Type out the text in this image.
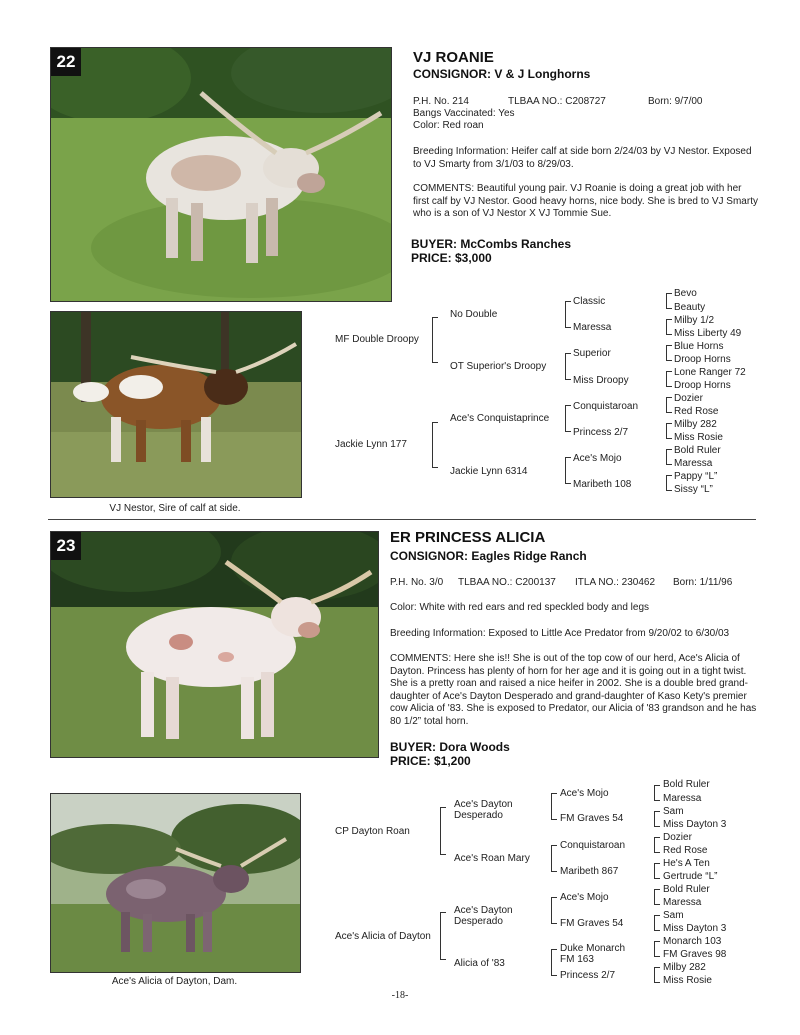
22
VJ Nestor, Sire of calf at side.
VJ ROANIE
CONSIGNOR: V & J Longhorns
P.H. No. 214	TLBAA NO.: C208727	Born: 9/7/00
Bangs Vaccinated: Yes
Color: Red roan
Breeding Information: Heifer calf at side born 2/24/03 by VJ Nestor. Exposed to VJ Smarty from 3/1/03 to 8/29/03.
COMMENTS: Beautiful young pair. VJ Roanie is doing a great job with her first calf by VJ Nestor. Good heavy horns, nice body. She is bred to VJ Smarty who is a son of VJ Nestor X VJ Tommie Sue.
BUYER: McCombs Ranches
PRICE: $3,000
MF Double Droopy
Jackie Lynn 177
No Double
OT Superior's Droopy
Ace's Conquistaprince
Jackie Lynn 6314
Classic
Maressa
Superior
Miss Droopy
Conquistaroan
Princess 2/7
Ace's Mojo
Maribeth 108
Bevo
Beauty
Milby 1/2
Miss Liberty 49
Blue Horns
Droop Horns
Lone Ranger 72
Droop Horns
Dozier
Red Rose
Milby 282
Miss Rosie
Bold Ruler
Maressa
Pappy “L”
Sissy “L”
23
Ace's Alicia of Dayton, Dam.
ER PRINCESS ALICIA
CONSIGNOR: Eagles Ridge Ranch
P.H. No. 3/0 TLBAA NO.: C200137 ITLA NO.: 230462 Born: 1/11/96
Color: White with red ears and red speckled body and legs
Breeding Information: Exposed to Little Ace Predator from 9/20/02 to 6/30/03
COMMENTS: Here she is!! She is out of the top cow of our herd, Ace's Alicia of Dayton. Princess has plenty of horn for her age and it is going out in a tight twist. She is a pretty roan and raised a nice heifer in 2002. She is a double bred grand-daughter of Ace's Dayton Desperado and grand-daughter of Kaso Kety's premier cow Alicia of '83. She is exposed to Predator, our Alicia of '83 grandson and he has 80 1/2” total horn.
BUYER: Dora Woods
PRICE: $1,200
CP Dayton Roan
Ace's Alicia of Dayton
Ace's Dayton Desperado
Ace's Roan Mary
Ace's Dayton Desperado
Alicia of '83
Ace's Mojo
FM Graves 54
Conquistaroan
Maribeth 867
Ace's Mojo
FM Graves 54
Duke Monarch FM 163
Princess 2/7
Bold Ruler
Maressa
Sam
Miss Dayton 3
Dozier
Red Rose
He's A Ten
Gertrude “L”
Bold Ruler
Maressa
Sam
Miss Dayton 3
Monarch 103
FM Graves 98
Milby 282
Miss Rosie
-18-
